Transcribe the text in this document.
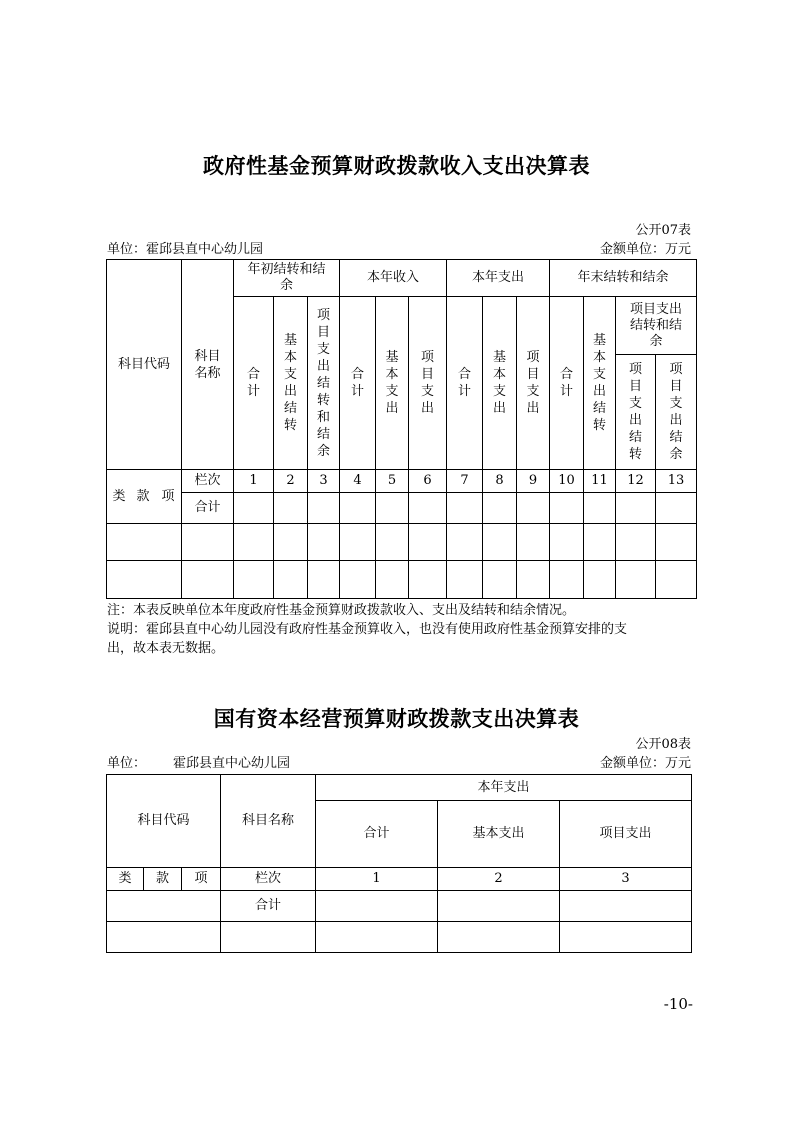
政府性基金预算财政拨款收入支出决算表
公开07表
单位：霍邱县直中心幼儿园	金额单位：万元
科目代码	科目名称	年初结转和结余			本年收入			本年支出			年末结转和结余			
		合计	基本支出结转	项目支出结转和结余	合计	基本支出	项目支出	合计	基本支出	项目支出	合计	基本支出结转	项目支出结转和结余	
													项目支出结转	项目支出结余
类 款 项	栏次	1	2	3	4	5	6	7	8	9	10	11	12	13
	合计													

注：本表反映单位本年度政府性基金预算财政拨款收入、支出及结转和结余情况。
说明：霍邱县直中心幼儿园没有政府性基金预算收入，也没有使用政府性基金预算安排的支
出，故本表无数据。
国有资本经营预算财政拨款支出决算表
公开08表
单位： 霍邱县直中心幼儿园	金额单位：万元
科目代码			科目名称	本年支出		
				合计	基本支出	项目支出
类	款	项	栏次	1	2	3
			合计			

-10-
